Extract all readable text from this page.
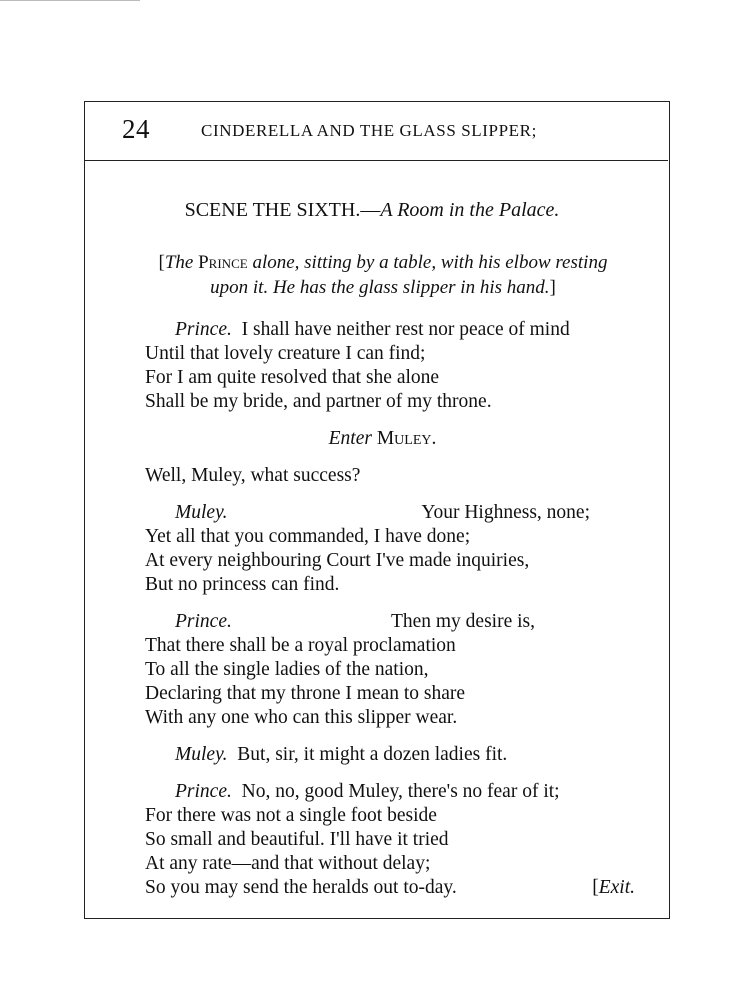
24	CINDERELLA AND THE GLASS SLIPPER;
SCENE THE SIXTH.—A Room in the Palace.
[The Prince alone, sitting by a table, with his elbow resting
upon it. He has the glass slipper in his hand.]

Prince. I shall have neither rest nor peace of mind

Until that lovely creature I can find;

For I am quite resolved that she alone

Shall be my bride, and partner of my throne.

Enter Muley.

Well, Muley, what success?

Muley.	Your Highness, none;

Yet all that you commanded, I have done;

At every neighbouring Court I've made inquiries,

But no princess can find.

Prince.	Then my desire is,

That there shall be a royal proclamation

To all the single ladies of the nation,

Declaring that my throne I mean to share

With any one who can this slipper wear.

Muley. But, sir, it might a dozen ladies fit.

Prince. No, no, good Muley, there's no fear of it;

For there was not a single foot beside

So small and beautiful. I'll have it tried

At any rate—and that without delay;

So you may send the heralds out to-day.	[Exit.
